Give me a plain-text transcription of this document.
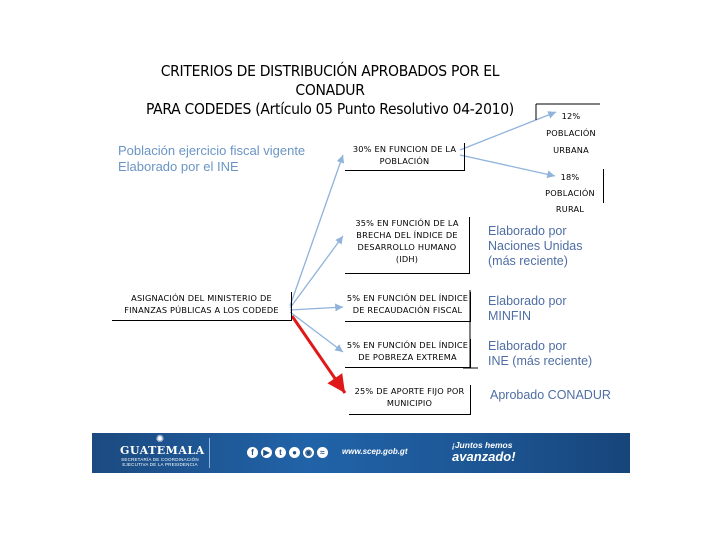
CRITERIOS DE DISTRIBUCIÓN APROBADOS POR EL
CONADUR
PARA CODEDES (Artículo 05 Punto Resolutivo 04-2010)
Población ejercicio fiscal vigente
Elaborado por el INE
ASIGNACIÓN DEL MINISTERIO DE
FINANZAS PÚBLICAS A LOS CODEDE
30% EN FUNCION DE LA
POBLACIÓN
35% EN FUNCIÓN DE LA
BRECHA DEL ÍNDICE DE
DESARROLLO HUMANO
(IDH)
5% EN FUNCIÓN DEL ÍNDICE
DE RECAUDACIÓN FISCAL
5% EN FUNCIÓN DEL ÍNDICE
DE POBREZA EXTREMA
25% DE APORTE FIJO POR
MUNICIPIO
12% POBLACIÓN
URBANA
18% POBLACIÓN
RURAL
Elaborado por
Naciones Unidas
(más reciente)
Elaborado por
MINFIN
Elaborado por
INE (más reciente)
Aprobado CONADUR
✺
GUATEMALA
SECRETARÍA DE COORDINACIÓN EJECUTIVA DE LA PRESIDENCIA
f	▶	t	●	◉	≈	www.scep.gob.gt
¡Juntos hemos
avanzado!
